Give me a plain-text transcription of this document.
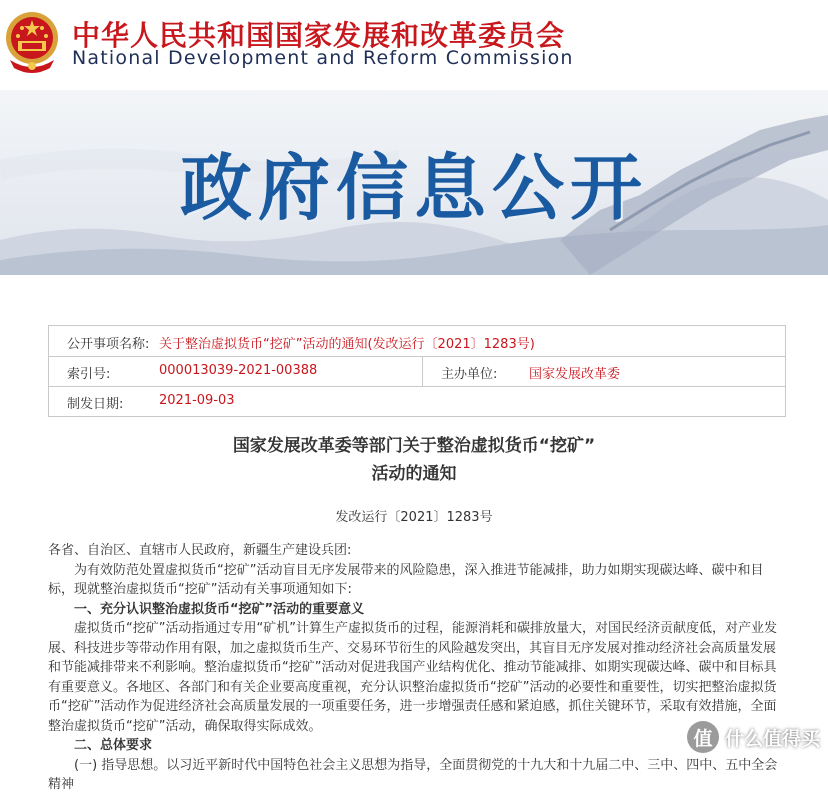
中华人民共和国国家发展和改革委员会
National Development and Reform Commission
政府信息公开
公开事项名称: 关于整治虚拟货币“挖矿”活动的通知(发改运行〔2021〕1283号)
索引号:	000013039-2021-00388	主办单位: 国家发展改革委
制发日期:	2021-09-03
国家发展改革委等部门关于整治虚拟货币“挖矿”
活动的通知
发改运行〔2021〕1283号

各省、自治区、直辖市人民政府，新疆生产建设兵团:

为有效防范处置虚拟货币“挖矿”活动盲目无序发展带来的风险隐患，深入推进节能减排，助力如期实现碳达峰、碳中和目标，现就整治虚拟货币“挖矿”活动有关事项通知如下:

一、充分认识整治虚拟货币“挖矿”活动的重要意义

虚拟货币“挖矿”活动指通过专用“矿机”计算生产虚拟货币的过程，能源消耗和碳排放量大，对国民经济贡献度低，对产业发展、科技进步等带动作用有限，加之虚拟货币生产、交易环节衍生的风险越发突出，其盲目无序发展对推动经济社会高质量发展和节能减排带来不利影响。整治虚拟货币“挖矿”活动对促进我国产业结构优化、推动节能减排、如期实现碳达峰、碳中和目标具有重要意义。各地区、各部门和有关企业要高度重视，充分认识整治虚拟货币“挖矿”活动的必要性和重要性，切实把整治虚拟货币“挖矿”活动作为促进经济社会高质量发展的一项重要任务，进一步增强责任感和紧迫感，抓住关键环节，采取有效措施，全面整治虚拟货币“挖矿”活动，确保取得实际成效。

二、总体要求

(一) 指导思想。以习近平新时代中国特色社会主义思想为指导，全面贯彻党的十九大和十九届二中、三中、四中、五中全会精神

值 什么值得买
